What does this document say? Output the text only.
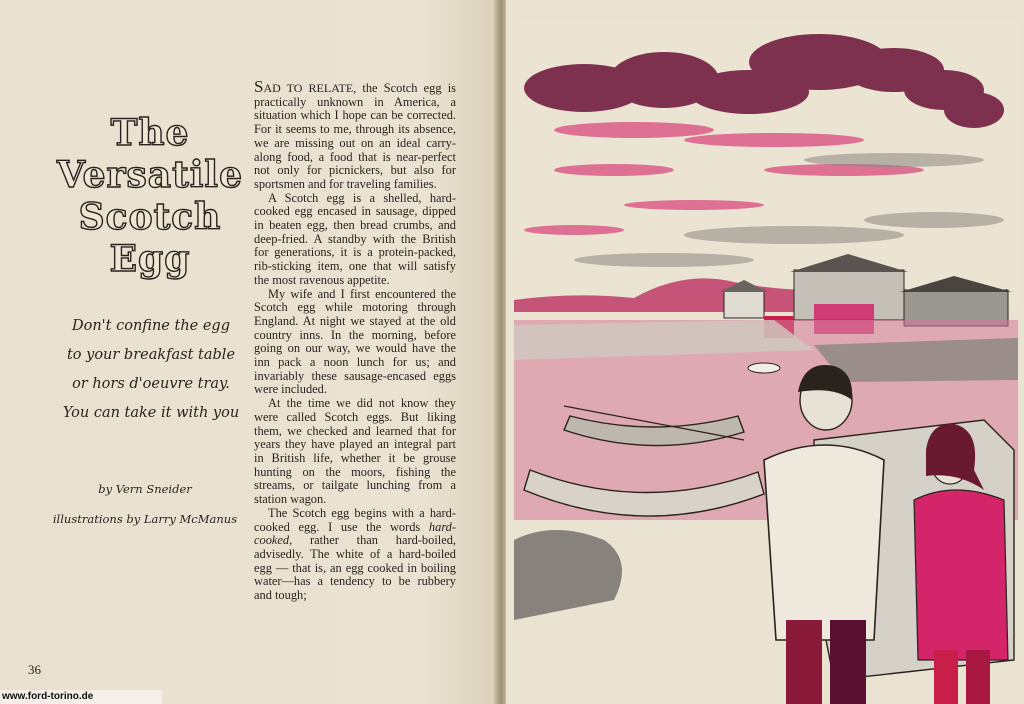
The
Versatile
Scotch
Egg
Don't confine the egg
to your breakfast table
or hors d'oeuvre tray.
You can take it with you
by Vern Sneider
illustrations by Larry McManus

SAD TO RELATE, the Scotch egg is practically unknown in America, a situation which I hope can be corrected. For it seems to me, through its absence, we are missing out on an ideal carry-along food, a food that is near-perfect not only for picnickers, but also for sportsmen and for traveling families.

A Scotch egg is a shelled, hard-cooked egg encased in sausage, dipped in beaten egg, then bread crumbs, and deep-fried. A standby with the British for generations, it is a protein-packed, rib-sticking item, one that will satisfy the most ravenous appetite.

My wife and I first encountered the Scotch egg while motoring through England. At night we stayed at the old country inns. In the morning, before going on our way, we would have the inn pack a noon lunch for us; and invariably these sausage-encased eggs were included.

At the time we did not know they were called Scotch eggs. But liking them, we checked and learned that for years they have played an integral part in British life, whether it be grouse hunting on the moors, fishing the streams, or tailgate lunching from a station wagon.

The Scotch egg begins with a hard-cooked egg. I use the words hard-cooked, rather than hard-boiled, advisedly. The white of a hard-boiled egg — that is, an egg cooked in boiling water—has a tendency to be rubbery and tough;

36
www.ford-torino.de
